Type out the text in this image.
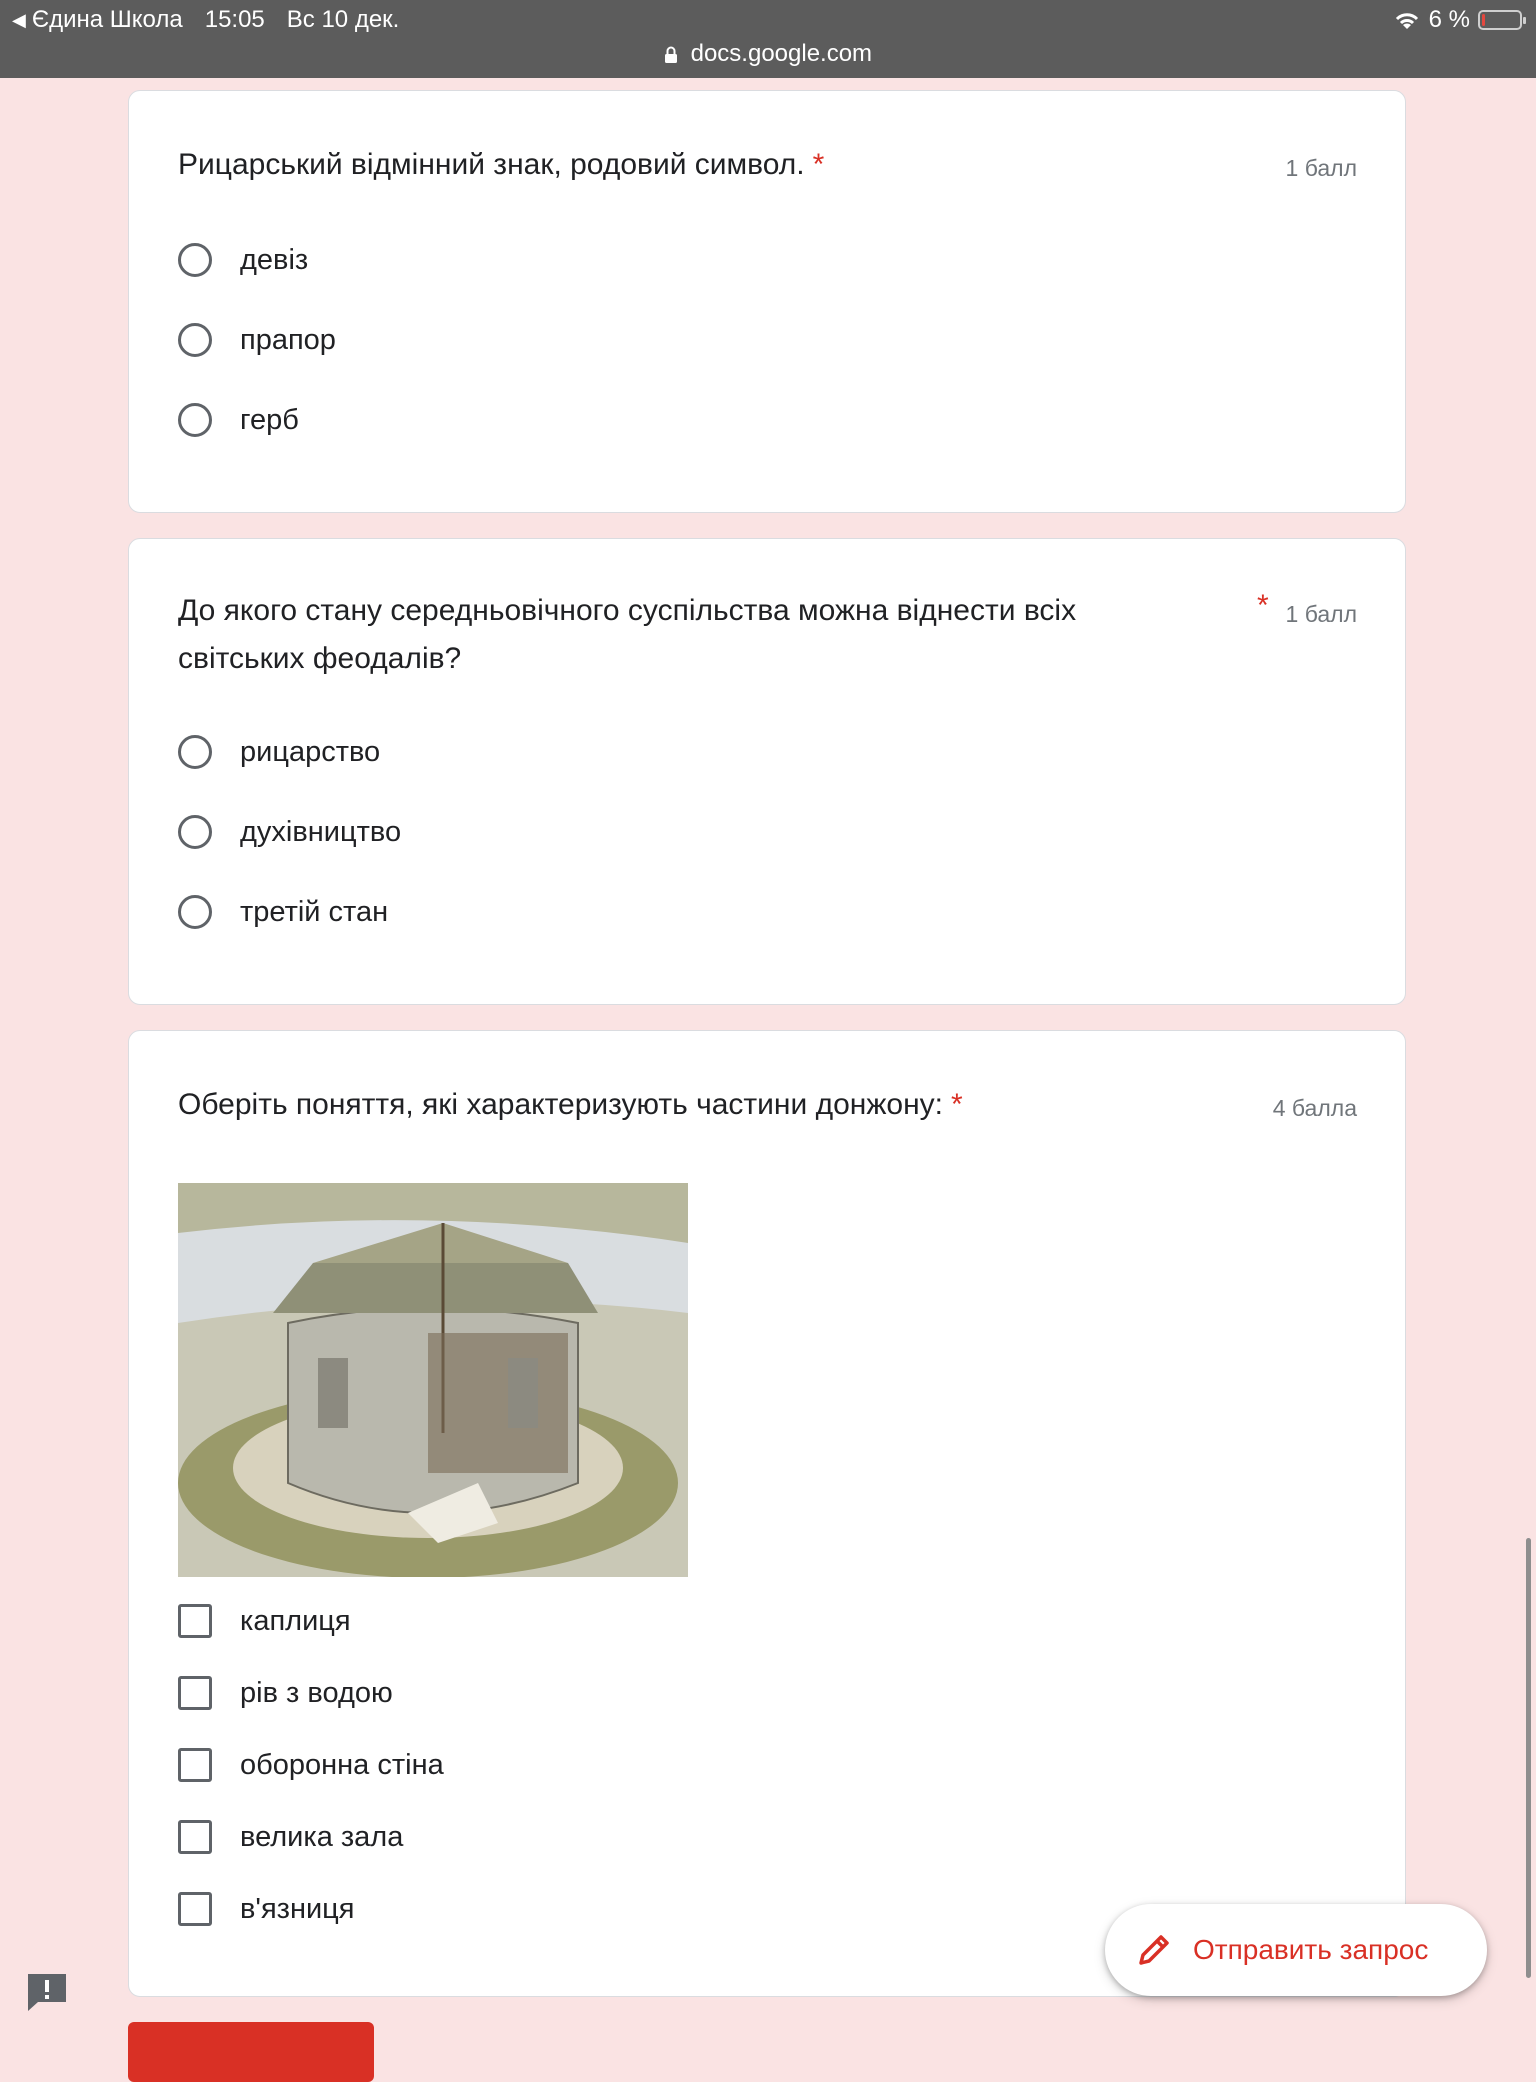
◀ Єдина Школа 15:05 Вс 10 дек.	6 %
docs.google.com
Рицарський відмінний знак, родовий символ. *	1 балл
девіз
прапор
герб
До якого стану середньовічного суспільства можна віднести всіх
світських феодалів?
* 1 балл
рицарство
духівництво
третій стан
Оберіть поняття, які характеризують частини донжону: *	4 балла
каплиця
рів з водою
оборонна стіна
велика зала
в'язниця
Отправить запрос
